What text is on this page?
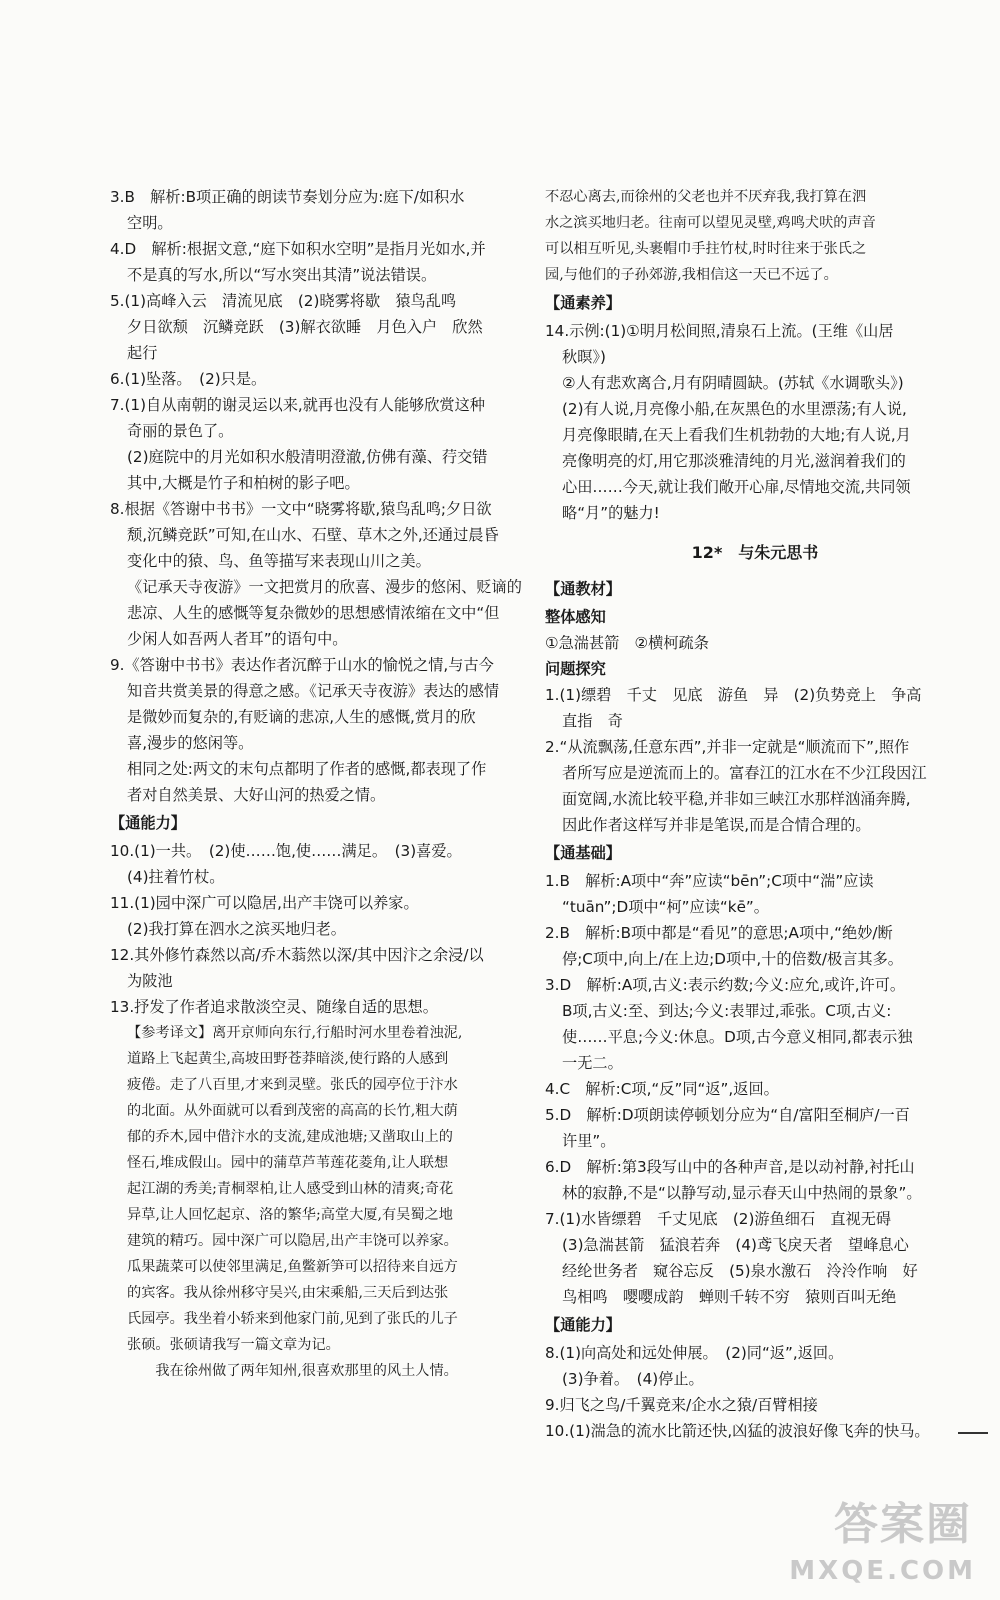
3.B　解析:B项正确的朗读节奏划分应为:庭下/如积水

空明。

4.D　解析:根据文意,“庭下如积水空明”是指月光如水,并

不是真的写水,所以“写水突出其清”说法错误。

5.(1)高峰入云　清流见底　(2)晓雾将歇　猿鸟乱鸣

夕日欲颓　沉鳞竞跃　(3)解衣欲睡　月色入户　欣然

起行

6.(1)坠落。　(2)只是。

7.(1)自从南朝的谢灵运以来,就再也没有人能够欣赏这种

奇丽的景色了。

(2)庭院中的月光如积水般清明澄澈,仿佛有藻、荇交错

其中,大概是竹子和柏树的影子吧。

8.根据《答谢中书书》一文中“晓雾将歇,猿鸟乱鸣;夕日欲

颓,沉鳞竞跃”可知,在山水、石壁、草木之外,还通过晨昏

变化中的猿、鸟、鱼等描写来表现山川之美。

《记承天寺夜游》一文把赏月的欣喜、漫步的悠闲、贬谪的

悲凉、人生的感慨等复杂微妙的思想感情浓缩在文中“但

少闲人如吾两人者耳”的语句中。

9.《答谢中书书》表达作者沉醉于山水的愉悦之情,与古今

知音共赏美景的得意之感。《记承天寺夜游》表达的感情

是微妙而复杂的,有贬谪的悲凉,人生的感慨,赏月的欣

喜,漫步的悠闲等。

相同之处:两文的末句点都明了作者的感慨,都表现了作

者对自然美景、大好山河的热爱之情。

【通能力】

10.(1)一共。　(2)使……饱,使……满足。　(3)喜爱。

(4)拄着竹杖。

11.(1)园中深广可以隐居,出产丰饶可以养家。

(2)我打算在泗水之滨买地归老。

12.其外修竹森然以高/乔木蓊然以深/其中因汴之余浸/以

为陂池

13.抒发了作者追求散淡空灵、随缘自适的思想。

【参考译文】离开京师向东行,行船时河水里卷着浊泥,

道路上飞起黄尘,高坡田野苍莽暗淡,使行路的人感到

疲倦。走了八百里,才来到灵壁。张氏的园亭位于汴水

的北面。从外面就可以看到茂密的高高的长竹,粗大荫

郁的乔木,园中借汴水的支流,建成池塘;又凿取山上的

怪石,堆成假山。园中的蒲草芦苇莲花菱角,让人联想

起江湖的秀美;青桐翠柏,让人感受到山林的清爽;奇花

异草,让人回忆起京、洛的繁华;高堂大厦,有吴蜀之地

建筑的精巧。园中深广可以隐居,出产丰饶可以养家。

瓜果蔬菜可以使邻里满足,鱼鳖新笋可以招待来自远方

的宾客。我从徐州移守吴兴,由宋乘船,三天后到达张

氏园亭。我坐着小轿来到他家门前,见到了张氏的儿子

张硕。张硕请我写一篇文章为记。

　　我在徐州做了两年知州,很喜欢那里的风土人情。

不忍心离去,而徐州的父老也并不厌弃我,我打算在泗

水之滨买地归老。往南可以望见灵壁,鸡鸣犬吠的声音

可以相互听见,头裹帽巾手拄竹杖,时时往来于张氏之

园,与他们的子孙郊游,我相信这一天已不远了。

【通素养】

14.示例:(1)①明月松间照,清泉石上流。(王维《山居

秋暝》)

②人有悲欢离合,月有阴晴圆缺。(苏轼《水调歌头》)

(2)有人说,月亮像小船,在灰黑色的水里漂荡;有人说,

月亮像眼睛,在天上看我们生机勃勃的大地;有人说,月

亮像明亮的灯,用它那淡雅清纯的月光,滋润着我们的

心田……今天,就让我们敞开心扉,尽情地交流,共同领

略“月”的魅力!

12*　与朱元思书

【通教材】

整体感知

①急湍甚箭　②横柯疏条

问题探究

1.(1)缥碧　千丈　见底　游鱼　异　(2)负势竞上　争高

直指　奇

2.“从流飘荡,任意东西”,并非一定就是“顺流而下”,照作

者所写应是逆流而上的。富春江的江水在不少江段因江

面宽阔,水流比较平稳,并非如三峡江水那样汹涌奔腾,

因此作者这样写并非是笔误,而是合情合理的。

【通基础】

1.B　解析:A项中“奔”应读“bēn”;C项中“湍”应读

“tuān”;D项中“柯”应读“kē”。

2.B　解析:B项中都是“看见”的意思;A项中,“绝妙/断

停;C项中,向上/在上边;D项中,十的倍数/极言其多。

3.D　解析:A项,古义:表示约数;今义:应允,或许,许可。

B项,古义:至、到达;今义:表罪过,乖张。C项,古义:

使……平息;今义:休息。D项,古今意义相同,都表示独

一无二。

4.C　解析:C项,“反”同“返”,返回。

5.D　解析:D项朗读停顿划分应为“自/富阳至桐庐/一百

许里”。

6.D　解析:第3段写山中的各种声音,是以动衬静,衬托山

林的寂静,不是“以静写动,显示春天山中热闹的景象”。

7.(1)水皆缥碧　千丈见底　(2)游鱼细石　直视无碍

(3)急湍甚箭　猛浪若奔　(4)鸢飞戾天者　望峰息心

经纶世务者　窥谷忘反　(5)泉水激石　泠泠作响　好

鸟相鸣　嘤嘤成韵　蝉则千转不穷　猿则百叫无绝

【通能力】

8.(1)向高处和远处伸展。　(2)同“返”,返回。

(3)争着。　(4)停止。

9.归飞之鸟/千翼竞来/企水之猿/百臂相接

10.(1)湍急的流水比箭还快,凶猛的波浪好像飞奔的快马。

答案圈
MXQE.COM
